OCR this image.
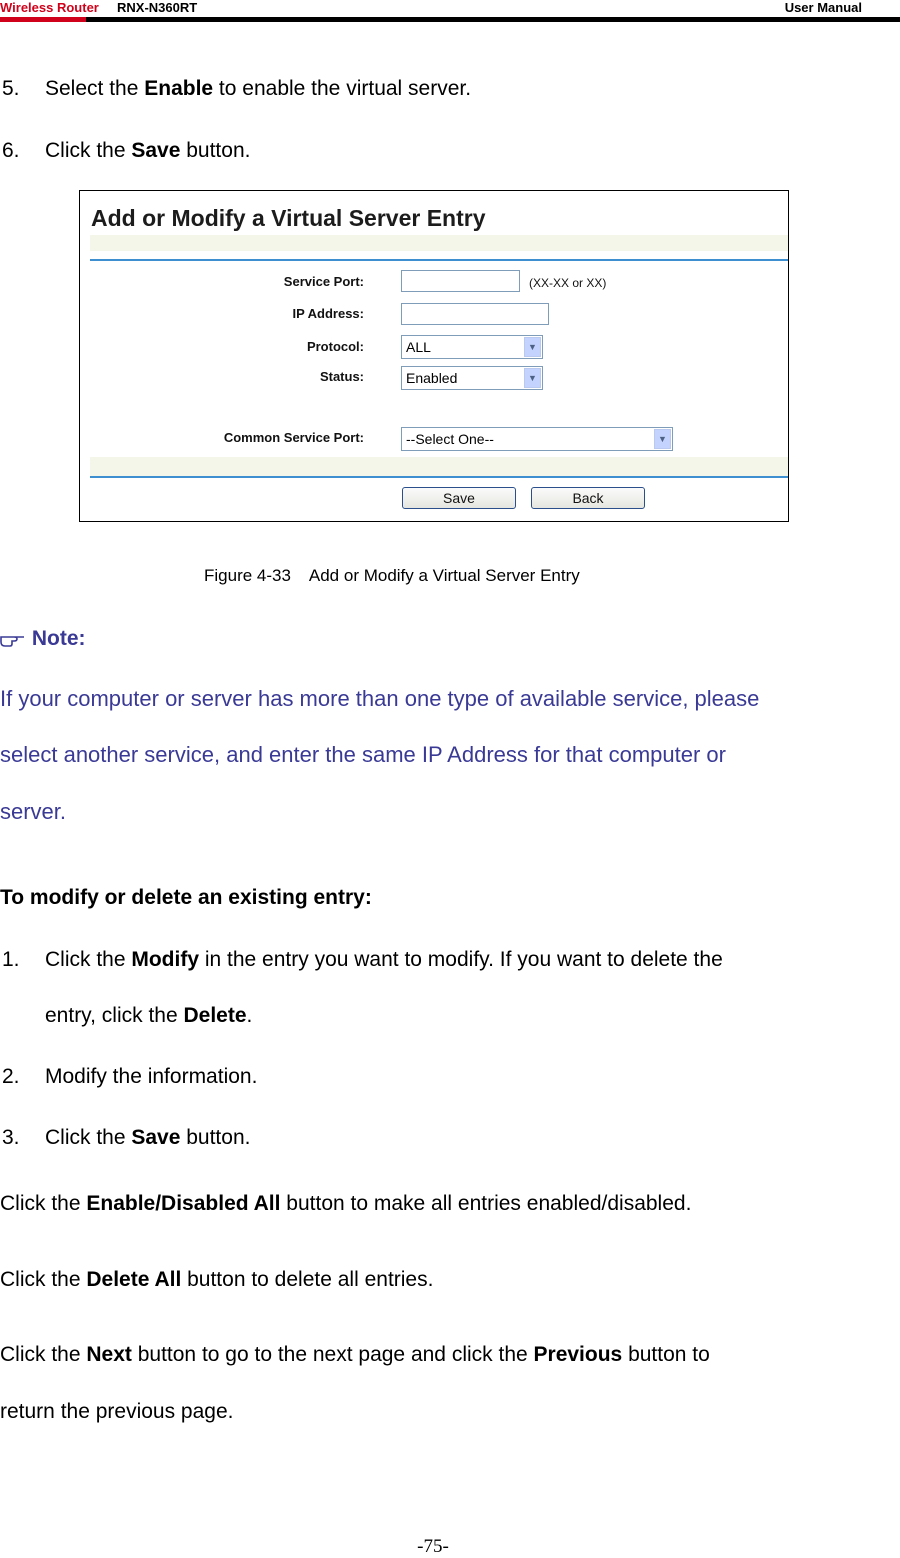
Wireless Router RNX-N360RT	User Manual
5. Select the Enable to enable the virtual server.
6. Click the Save button.
Add or Modify a Virtual Server Entry
Service Port:	(XX-XX or XX)
IP Address:
Protocol:	ALL	▼
Status:	Enabled	▼
Common Service Port:	--Select One--	▼
Save	Back
Figure 4-33    Add or Modify a Virtual Server Entry
Note:
If your computer or server has more than one type of available service, please
select another service, and enter the same IP Address for that computer or
server.
To modify or delete an existing entry:
1. Click the Modify in the entry you want to modify. If you want to delete the
entry, click the Delete.
2. Modify the information.
3. Click the Save button.
Click the Enable/Disabled All button to make all entries enabled/disabled.
Click the Delete All button to delete all entries.
Click the Next button to go to the next page and click the Previous button to
return the previous page.
-75-
